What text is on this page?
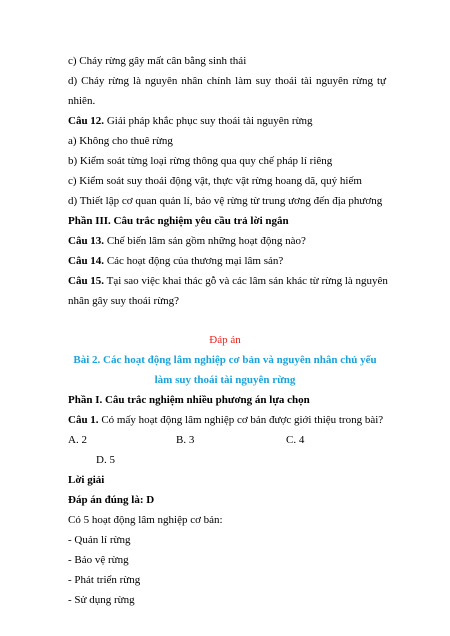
c) Cháy rừng gây mất cân bằng sinh thái
d) Cháy rừng là nguyên nhân chính làm suy thoái tài nguyên rừng tự
nhiên.
Câu 12. Giải pháp khắc phục suy thoái tài nguyên rừng
a) Không cho thuê rừng
b) Kiểm soát từng loại rừng thông qua quy chế pháp lí riêng
c) Kiểm soát suy thoái động vật, thực vật rừng hoang dã, quý hiếm
d) Thiết lập cơ quan quản lí, bảo vệ rừng từ trung ương đến địa phương
Phần III. Câu trắc nghiệm yêu cầu trả lời ngắn
Câu 13. Chế biến lâm sản gồm những hoạt động nào?
Câu 14. Các hoạt động của thương mại lâm sản?
Câu 15. Tại sao việc khai thác gỗ và các lâm sản khác từ rừng là nguyên
nhân gây suy thoái rừng?
Đáp án
Bài 2. Các hoạt động lâm nghiệp cơ bản và nguyên nhân chủ yếu
làm suy thoái tài nguyên rừng
Phần I. Câu trắc nghiệm nhiều phương án lựa chọn
Câu 1. Có mấy hoạt động lâm nghiệp cơ bản được giới thiệu trong bài?
A. 2	B. 3	C. 4
D. 5
Lời giải
Đáp án đúng là: D
Có 5 hoạt động lâm nghiệp cơ bản:
- Quản lí rừng
- Bảo vệ rừng
- Phát triển rừng
- Sử dụng rừng
